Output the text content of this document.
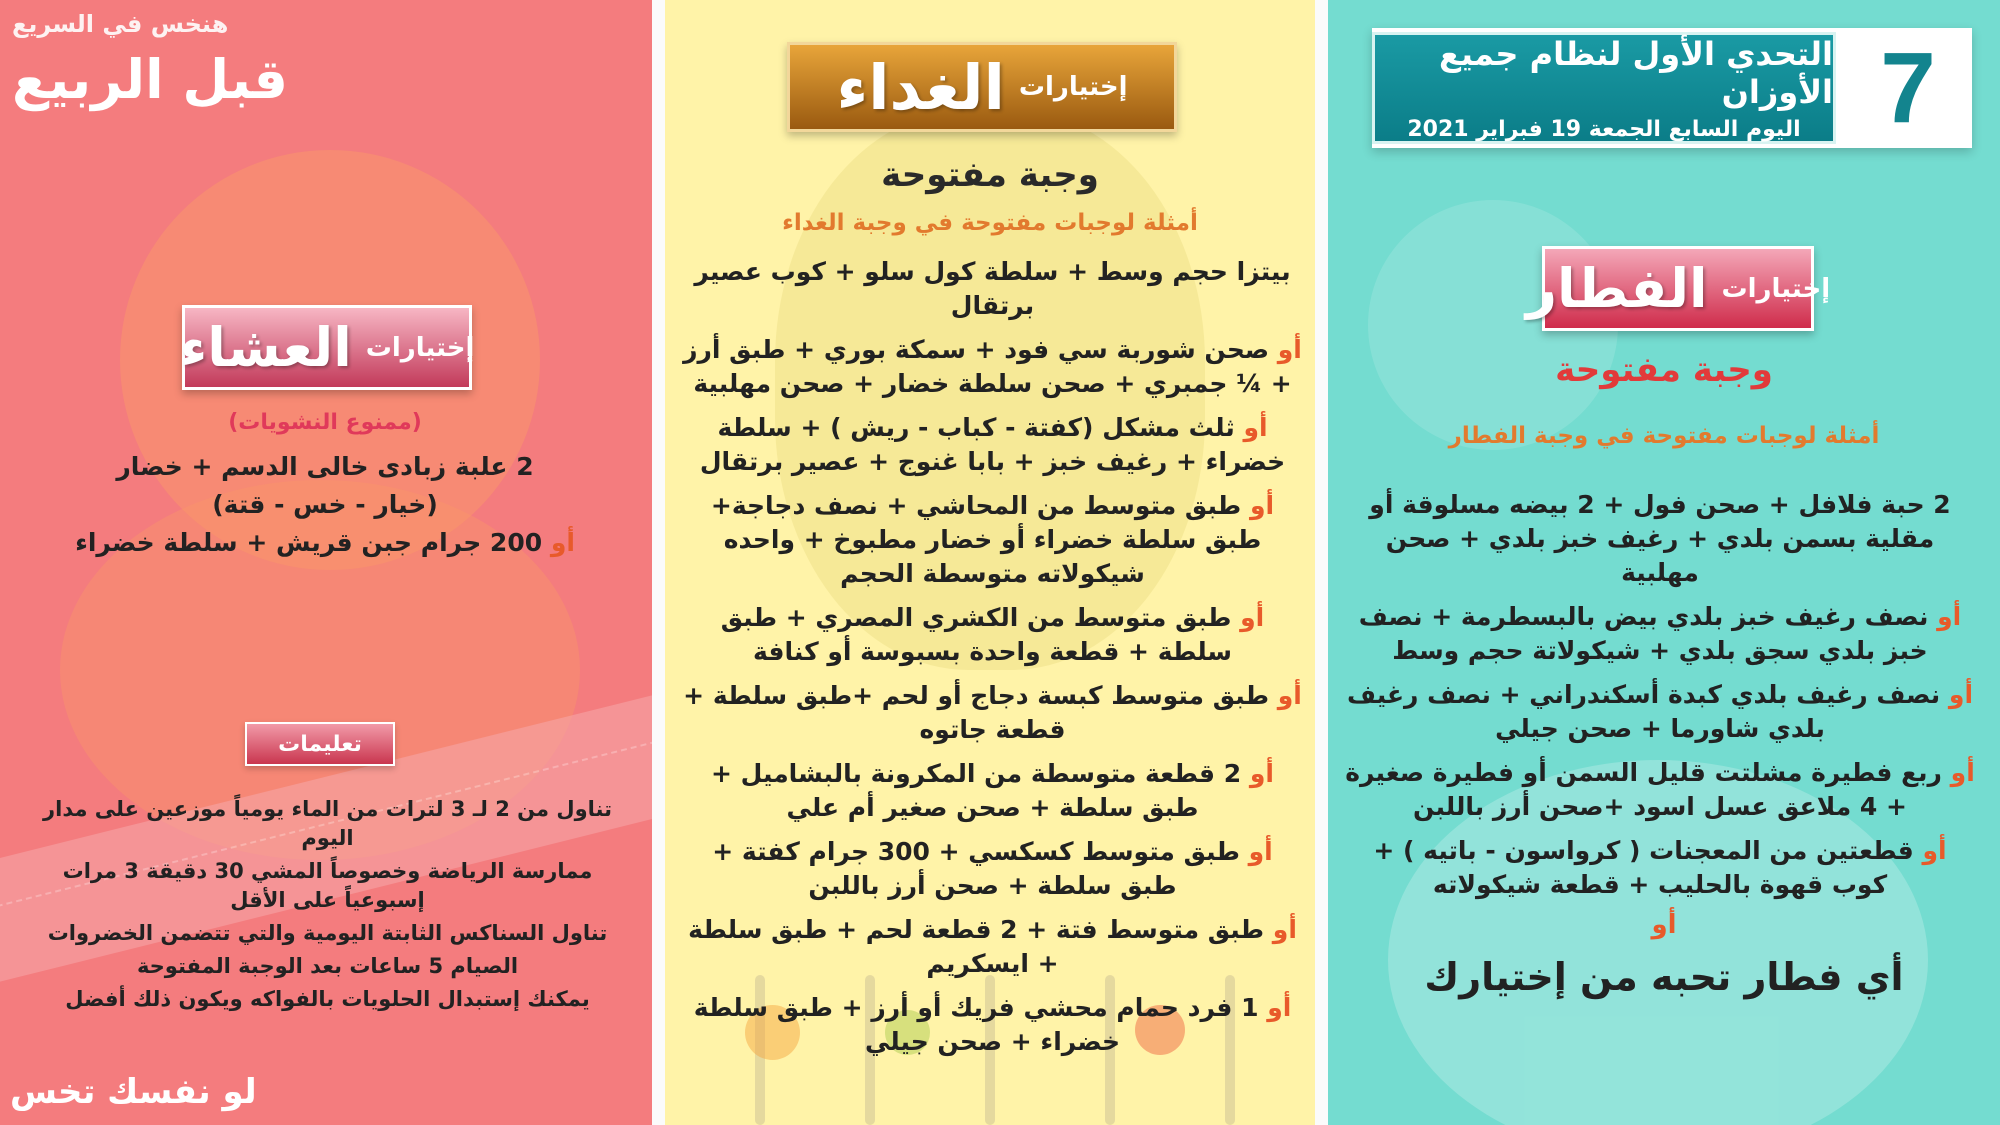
هنخس في السريع
قبل الربيع
لو نفسك تخس
التحدي الأول لنظام جميع الأوزان
اليوم السابع الجمعة 19 فبراير 2021 7
إختيارات
الغداء
إختيارات
العشاء
إختيارات
الفطار
(ممنوع النشويات)
2 علبة زبادى خالى الدسم + خضار
(خيار - خس - قتة)
أو 200 جرام جبن قريش + سلطة خضراء
تعليمات
تناول من 2 لـ 3 لترات من الماء يومياً موزعين على مدار اليوم
ممارسة الرياضة وخصوصاً المشي 30 دقيقة 3 مرات إسبوعياً على الأقل
تناول السناكس الثابتة اليومية والتي تتضمن الخضروات
الصيام 5 ساعات بعد الوجبة المفتوحة
يمكنك إستبدال الحلويات بالفواكه ويكون ذلك أفضل
وجبة مفتوحة
أمثلة لوجبات مفتوحة في وجبة الغداء
بيتزا حجم وسط + سلطة كول سلو + كوب عصير برتقال
أو صحن شوربة سي فود + سمكة بوري + طبق أرز + ¼ جمبري + صحن سلطة خضار + صحن مهلبية
أو ثلث مشكل (كفتة - كباب - ريش ) + سلطة خضراء + رغيف خبز + بابا غنوج + عصير برتقال
أو طبق متوسط من المحاشي + نصف دجاجة+ طبق سلطة خضراء أو خضار مطبوخ + واحده شيكولاته متوسطة الحجم
أو طبق متوسط من الكشري المصري + طبق سلطة + قطعة واحدة بسبوسة أو كنافة
أو طبق متوسط كبسة دجاج أو لحم +طبق سلطة + قطعة جاتوه
أو 2 قطعة متوسطة من المكرونة بالبشاميل + طبق سلطة + صحن صغير أم علي
أو طبق متوسط كسكسي + 300 جرام كفتة + طبق سلطة + صحن أرز باللبن
أو طبق متوسط فتة + 2 قطعة لحم + طبق سلطة + ايسكريم
أو 1 فرد حمام محشي فريك أو أرز + طبق سلطة خضراء + صحن جيلي
وجبة مفتوحة
أمثلة لوجبات مفتوحة في وجبة الفطار
2 حبة فلافل + صحن فول + 2 بيضه مسلوقة أو مقلية بسمن بلدي + رغيف خبز بلدي + صحن مهلبية
أو نصف رغيف خبز بلدي بيض بالبسطرمة + نصف خبز بلدي سجق بلدي + شيكولاتة حجم وسط
أو نصف رغيف بلدي كبدة أسكندراني + نصف رغيف بلدي شاورما + صحن جيلي
أو ربع فطيرة مشلتت قليل السمن أو فطيرة صغيرة + 4 ملاعق عسل اسود +صحن أرز باللبن
أو قطعتين من المعجنات ( كرواسون - باتيه ) + كوب قهوة بالحليب + قطعة شيكولاته
أو
أي فطار تحبه من إختيارك
